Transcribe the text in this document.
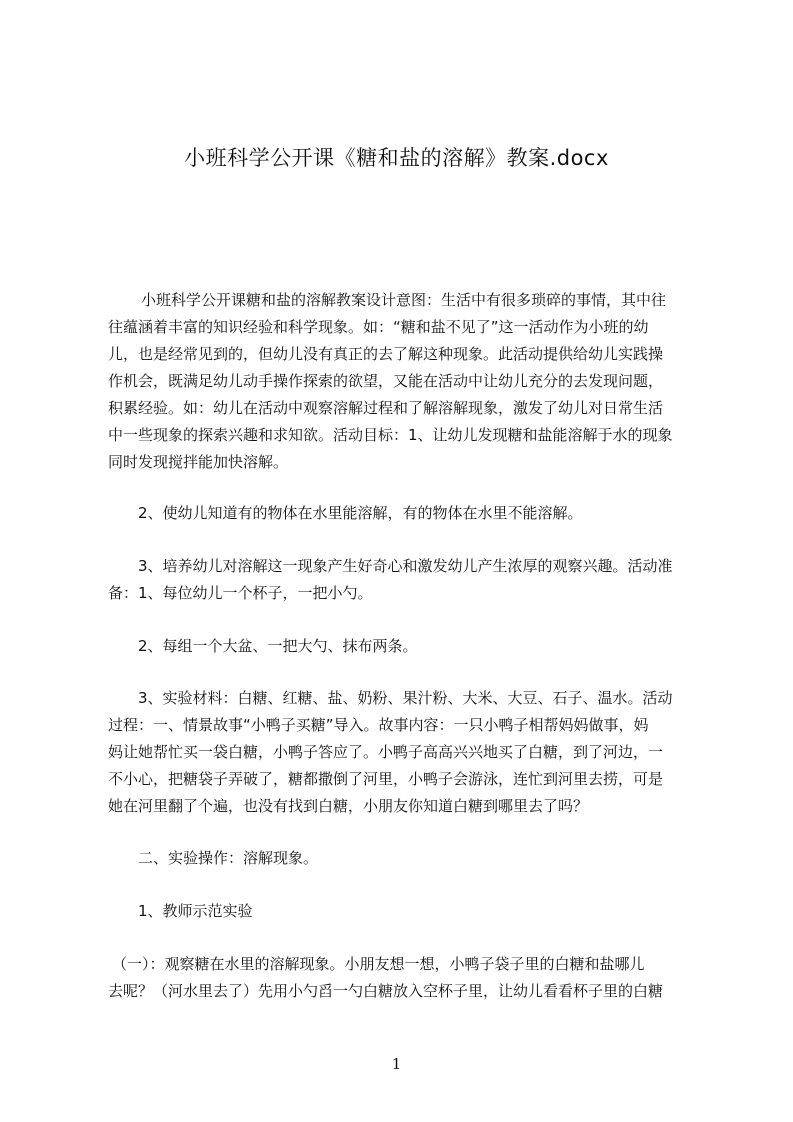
小班科学公开课《糖和盐的溶解》教案.docx
小班科学公开课糖和盐的溶解教案设计意图：生活中有很多琐碎的事情，其中往
往蕴涵着丰富的知识经验和科学现象。如：“糖和盐不见了”这一活动作为小班的幼
儿，也是经常见到的，但幼儿没有真正的去了解这种现象。此活动提供给幼儿实践操
作机会，既满足幼儿动手操作探索的欲望，又能在活动中让幼儿充分的去发现问题，
积累经验。如：幼儿在活动中观察溶解过程和了解溶解现象，激发了幼儿对日常生活
中一些现象的探索兴趣和求知欲。活动目标：1、让幼儿发现糖和盐能溶解于水的现象
同时发现搅拌能加快溶解。
2、使幼儿知道有的物体在水里能溶解，有的物体在水里不能溶解。
3、培养幼儿对溶解这一现象产生好奇心和激发幼儿产生浓厚的观察兴趣。活动准
备：1、每位幼儿一个杯子，一把小勺。
2、每组一个大盆、一把大勺、抹布两条。
3、实验材料：白糖、红糖、盐、奶粉、果汁粉、大米、大豆、石子、温水。活动
过程：一、情景故事“小鸭子买糖”导入。故事内容：一只小鸭子相帮妈妈做事，妈
妈让她帮忙买一袋白糖，小鸭子答应了。小鸭子高高兴兴地买了白糖，到了河边，一
不小心，把糖袋子弄破了，糖都撒倒了河里，小鸭子会游泳，连忙到河里去捞，可是
她在河里翻了个遍，也没有找到白糖，小朋友你知道白糖到哪里去了吗？
二、实验操作：溶解现象。
1、教师示范实验
（一）：观察糖在水里的溶解现象。小朋友想一想，小鸭子袋子里的白糖和盐哪儿
去呢？（河水里去了）先用小勺舀一勺白糖放入空杯子里，让幼儿看看杯子里的白糖
1
